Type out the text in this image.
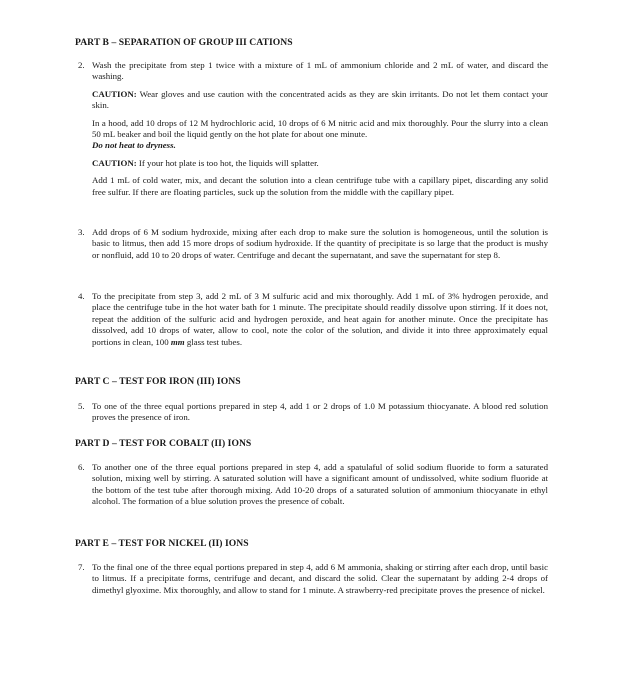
PART B – SEPARATION OF GROUP III CATIONS
2. Wash the precipitate from step 1 twice with a mixture of 1 mL of ammonium chloride and 2 mL of water, and discard the washing.

CAUTION: Wear gloves and use caution with the concentrated acids as they are skin irritants. Do not let them contact your skin.

In a hood, add 10 drops of 12 M hydrochloric acid, 10 drops of 6 M nitric acid and mix thoroughly. Pour the slurry into a clean 50 mL beaker and boil the liquid gently on the hot plate for about one minute.
Do not heat to dryness.

CAUTION: If your hot plate is too hot, the liquids will splatter.

Add 1 mL of cold water, mix, and decant the solution into a clean centrifuge tube with a capillary pipet, discarding any solid free sulfur. If there are floating particles, suck up the solution from the middle with the capillary pipet.

3. Add drops of 6 M sodium hydroxide, mixing after each drop to make sure the solution is homogeneous, until the solution is basic to litmus, then add 15 more drops of sodium hydroxide. If the quantity of precipitate is so large that the product is mushy or nonfluid, add 10 to 20 drops of water. Centrifuge and decant the supernatant, and save the supernatant for step 8.

4. To the precipitate from step 3, add 2 mL of 3 M sulfuric acid and mix thoroughly. Add 1 mL of 3% hydrogen peroxide, and place the centrifuge tube in the hot water bath for 1 minute. The precipitate should readily dissolve upon stirring. If it does not, repeat the addition of the sulfuric acid and hydrogen peroxide, and heat again for another minute. Once the precipitate has dissolved, add 10 drops of water, allow to cool, note the color of the solution, and divide it into three approximately equal portions in clean, 100 mm glass test tubes.

PART C – TEST FOR IRON (III) IONS
5. To one of the three equal portions prepared in step 4, add 1 or 2 drops of 1.0 M potassium thiocyanate. A blood red solution proves the presence of iron.

PART D – TEST FOR COBALT (II) IONS
6. To another one of the three equal portions prepared in step 4, add a spatulaful of solid sodium fluoride to form a saturated solution, mixing well by stirring. A saturated solution will have a significant amount of undissolved, white sodium fluoride at the bottom of the test tube after thorough mixing. Add 10-20 drops of a saturated solution of ammonium thiocyanate in ethyl alcohol. The formation of a blue solution proves the presence of cobalt.

PART E – TEST FOR NICKEL (II) IONS
7. To the final one of the three equal portions prepared in step 4, add 6 M ammonia, shaking or stirring after each drop, until basic to litmus. If a precipitate forms, centrifuge and decant, and discard the solid. Clear the supernatant by adding 2-4 drops of dimethyl glyoxime. Mix thoroughly, and allow to stand for 1 minute. A strawberry-red precipitate proves the presence of nickel.
